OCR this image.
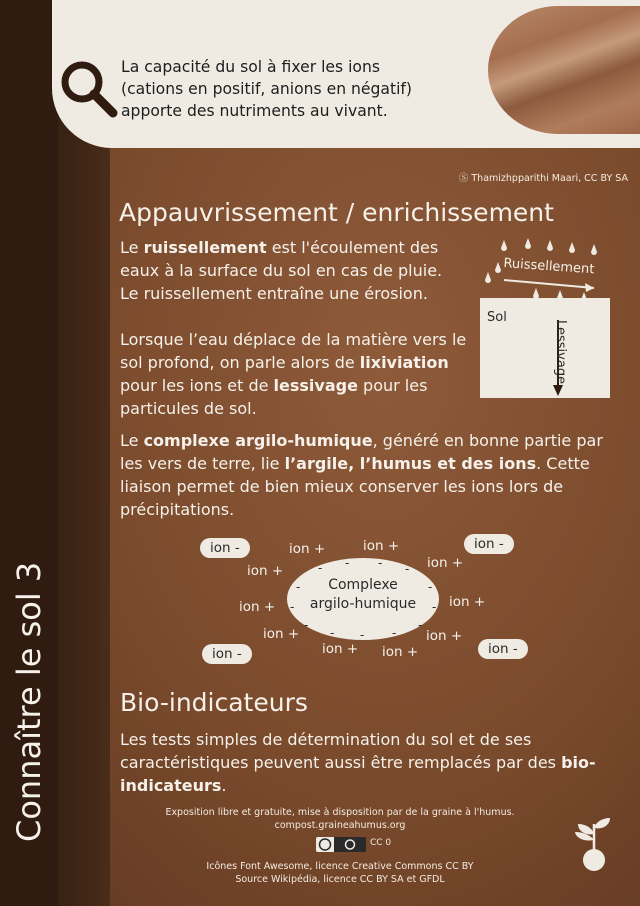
La capacité du sol à fixer les ions
(cations en positif, anions en négatif)
apporte des nutriments au vivant.

Ⓢ Thamizhpparithi Maari, CC BY SA
Appauvrissement / enrichissement

Le ruissellement est l'écoulement des eaux à la surface du sol en cas de pluie. Le ruissellement entraîne une érosion.

Lorsque l’eau déplace de la matière vers le sol profond, on parle alors de lixiviation pour les ions et de lessivage pour les particules de sol.

Ruissellement
Sol
Lessivage

Le complexe argilo-humique, généré en bonne partie par les vers de terre, lie l’argile, l’humus et des ions. Cette liaison permet de bien mieux conserver les ions lors de précipitations.

Complexe
argilo-humique
- - - -
-	-
-	-
-	-
- - -
ion -	ion -
ion -	ion -
ion +	ion +
ion +	ion +
ion +	ion +
ion +	ion +
ion + ion +
Bio-indicateurs

Les tests simples de détermination du sol et de ses caractéristiques peuvent aussi être remplacés par des bio-indicateurs.

Connaître le sol 3	Exposition libre et gratuite, mise à disposition par de la graine à l'humus.
compost.graineahumus.org
CC 0
Icônes Font Awesome, licence Creative Commons CC BY
Source Wikipédia, licence CC BY SA et GFDL
